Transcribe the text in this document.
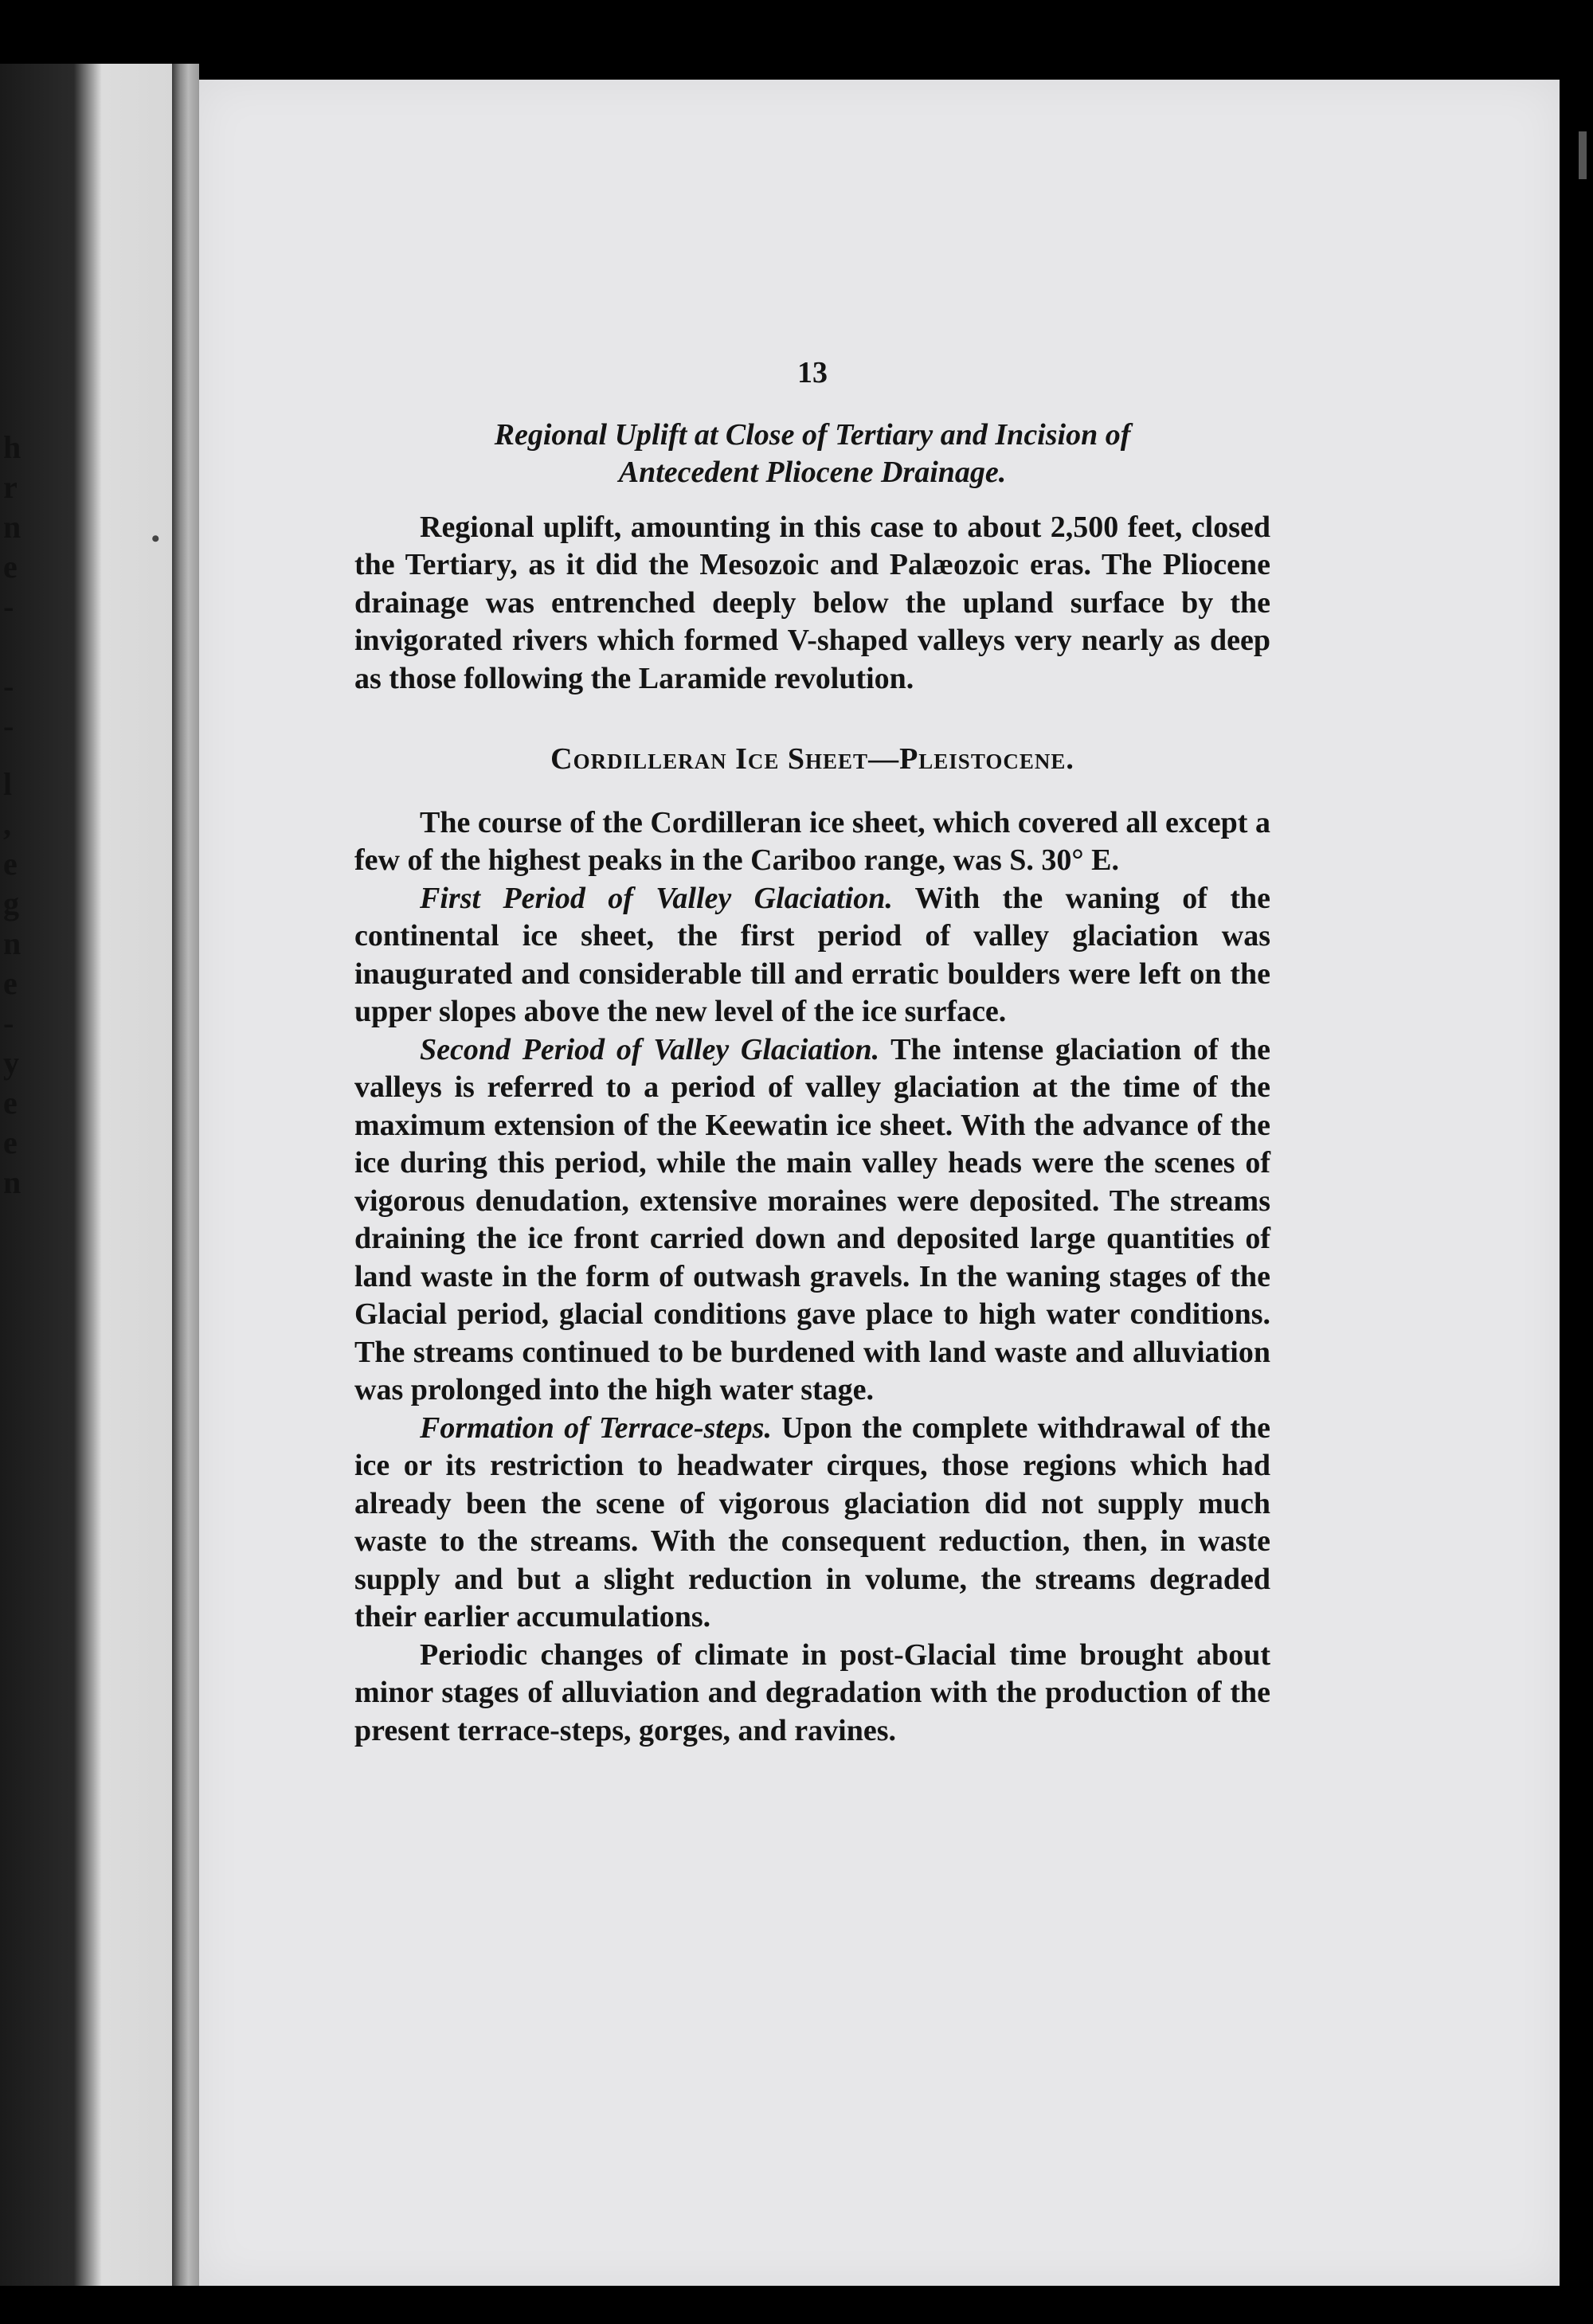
h
r
n
e
-
-
-
l
,
e
g
n
e
-
y
e
e
n
•
13
Regional Uplift at Close of Tertiary and Incision of
Antecedent Pliocene Drainage.

Regional uplift, amounting in this case to about 2,500 feet, closed the Tertiary, as it did the Mesozoic and Palæozoic eras. The Pliocene drainage was entrenched deeply below the upland surface by the invigorated rivers which formed V-shaped valleys very nearly as deep as those following the Laramide revolution.

Cordilleran Ice Sheet—Pleistocene.

The course of the Cordilleran ice sheet, which covered all except a few of the highest peaks in the Cariboo range, was S. 30° E.

First Period of Valley Glaciation. With the waning of the continental ice sheet, the first period of valley glaciation was inaugurated and considerable till and erratic boulders were left on the upper slopes above the new level of the ice surface.

Second Period of Valley Glaciation. The intense glaciation of the valleys is referred to a period of valley glaciation at the time of the maximum extension of the Keewatin ice sheet. With the advance of the ice during this period, while the main valley heads were the scenes of vigorous denudation, extensive moraines were deposited. The streams draining the ice front carried down and deposited large quantities of land waste in the form of outwash gravels. In the waning stages of the Glacial period, glacial conditions gave place to high water conditions. The streams continued to be burdened with land waste and alluviation was prolonged into the high water stage.

Formation of Terrace-steps. Upon the complete withdrawal of the ice or its restriction to headwater cirques, those regions which had already been the scene of vigorous glaciation did not supply much waste to the streams. With the consequent reduction, then, in waste supply and but a slight reduction in volume, the streams degraded their earlier accumulations.

Periodic changes of climate in post-Glacial time brought about minor stages of alluviation and degradation with the production of the present terrace-steps, gorges, and ravines.
